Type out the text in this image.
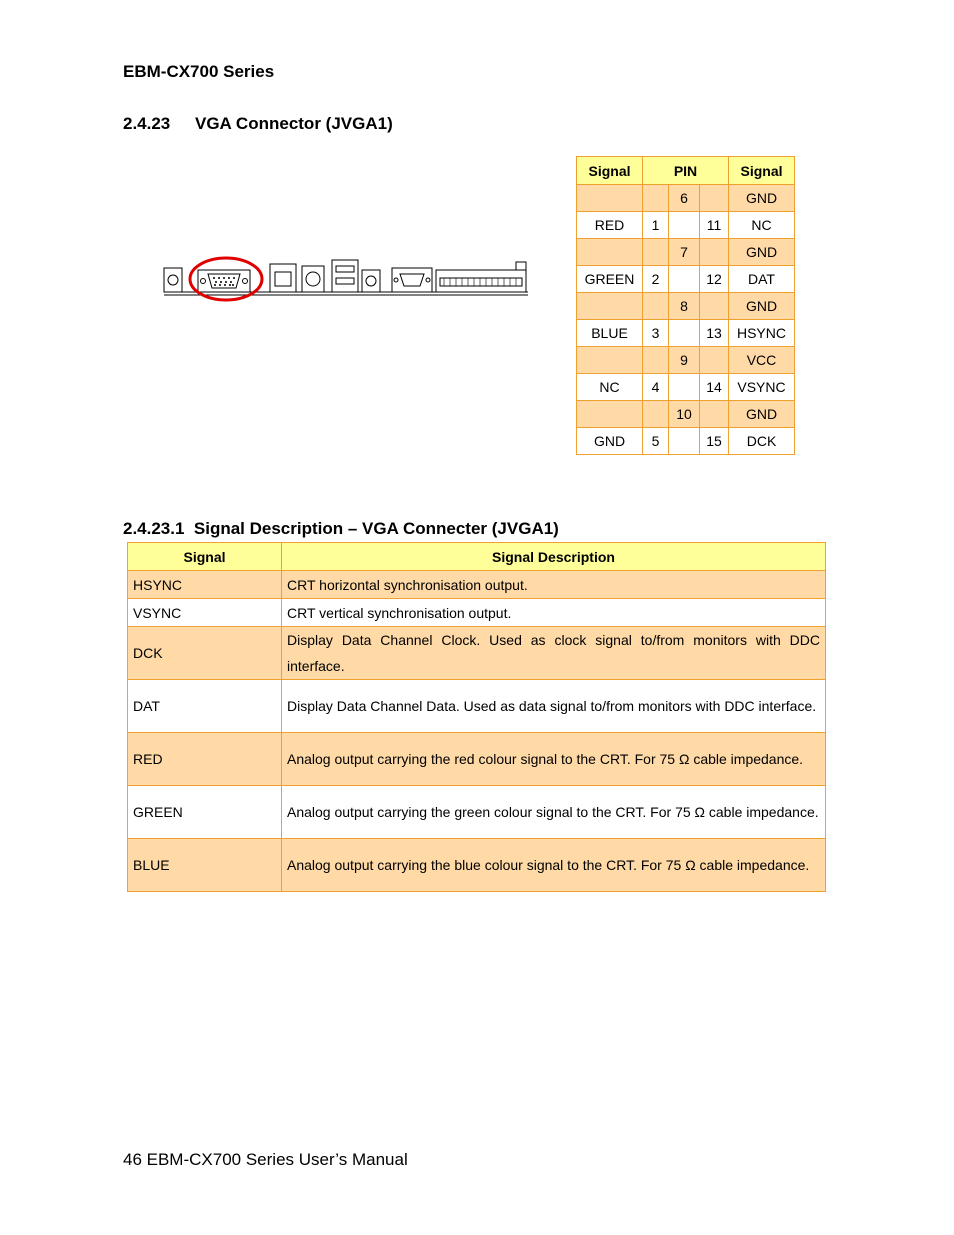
EBM-CX700 Series
2.4.23 VGA Connector (JVGA1)
Signal	PIN			Signal
		6		GND
RED	1		11	NC
		7		GND
GREEN	2		12	DAT
		8		GND
BLUE	3		13	HSYNC
		9		VCC
NC	4		14	VSYNC
		10		GND
GND	5		15	DCK
2.4.23.1  Signal Description – VGA Connecter (JVGA1)
Signal	Signal Description
HSYNC	CRT horizontal synchronisation output.
VSYNC	CRT vertical synchronisation output.
DCK	Display Data Channel Clock. Used as clock signal to/from monitors with DDC interface.
DAT	Display Data Channel Data. Used as data signal to/from monitors with DDC interface.
RED	Analog output carrying the red colour signal to the CRT. For 75 Ω cable impedance.
GREEN	Analog output carrying the green colour signal to the CRT. For 75 Ω cable impedance.
BLUE	Analog output carrying the blue colour signal to the CRT. For 75 Ω cable impedance.
46 EBM-CX700 Series User’s Manual
